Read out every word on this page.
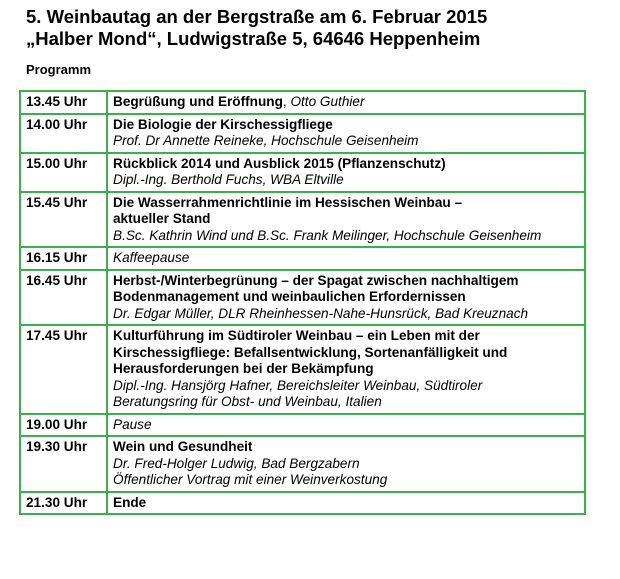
5. Weinbautag an der Bergstraße am 6. Februar 2015
„Halber Mond“, Ludwigstraße 5, 64646 Heppenheim
Programm
13.45 Uhr	Begrüßung und Eröffnung, Otto Guthier
14.00 Uhr	Die Biologie der Kirschessigfliege
Prof. Dr Annette Reineke, Hochschule Geisenheim

15.00 Uhr	Rückblick 2014 und Ausblick 2015 (Pflanzenschutz)
Dipl.-Ing. Berthold Fuchs, WBA Eltville

15.45 Uhr	Die Wasserrahmenrichtlinie im Hessischen Weinbau –
aktueller Stand
B.Sc. Kathrin Wind und B.Sc. Frank Meilinger, Hochschule Geisenheim

16.15 Uhr	Kaffeepause

16.45 Uhr	Herbst-/Winterbegrünung – der Spagat zwischen nachhaltigem
Bodenmanagement und weinbaulichen Erfordernissen
Dr. Edgar Müller, DLR Rheinhessen-Nahe-Hunsrück, Bad Kreuznach

17.45 Uhr	Kulturführung im Südtiroler Weinbau – ein Leben mit der
Kirschessigfliege: Befallsentwicklung, Sortenanfälligkeit und
Herausforderungen bei der Bekämpfung
Dipl.-Ing. Hansjörg Hafner, Bereichsleiter Weinbau, Südtiroler
Beratungsring für Obst- und Weinbau, Italien

19.00 Uhr	Pause

19.30 Uhr	Wein und Gesundheit
Dr. Fred-Holger Ludwig, Bad Bergzabern
Öffentlicher Vortrag mit einer Weinverkostung

21.30 Uhr	Ende
